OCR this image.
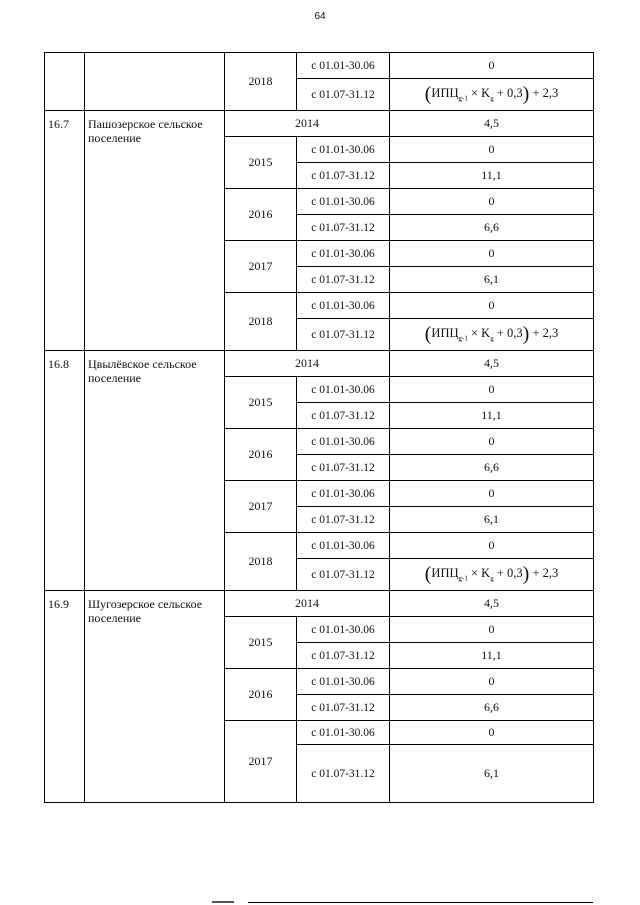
64
		2018	с 01.01-30.06	0
			с 01.07-31.12	$(ИПЦ_{g-1} \times K_g + 0,3) + 2,3$
16.7	Пашозерское сельское поселение	2014		4,5
		2015	с 01.01-30.06	0
			с 01.07-31.12	11,1
		2016	с 01.01-30.06	0
			с 01.07-31.12	6,6
		2017	с 01.01-30.06	0
			с 01.07-31.12	6,1
		2018	с 01.01-30.06	0
			с 01.07-31.12	$(ИПЦ_{g-1} \times K_g + 0,3) + 2,3$
16.8	Цвылёвское сельское поселение	2014		4,5
		2015	с 01.01-30.06	0
			с 01.07-31.12	11,1
		2016	с 01.01-30.06	0
			с 01.07-31.12	6,6
		2017	с 01.01-30.06	0
			с 01.07-31.12	6,1
		2018	с 01.01-30.06	0
			с 01.07-31.12	$(ИПЦ_{g-1} \times K_g + 0,3) + 2,3$
16.9	Шугозерское сельское поселение	2014		4,5
		2015	с 01.01-30.06	0
			с 01.07-31.12	11,1
		2016	с 01.01-30.06	0
			с 01.07-31.12	6,6
		2017	с 01.01-30.06	0
			с 01.07-31.12	6,1
